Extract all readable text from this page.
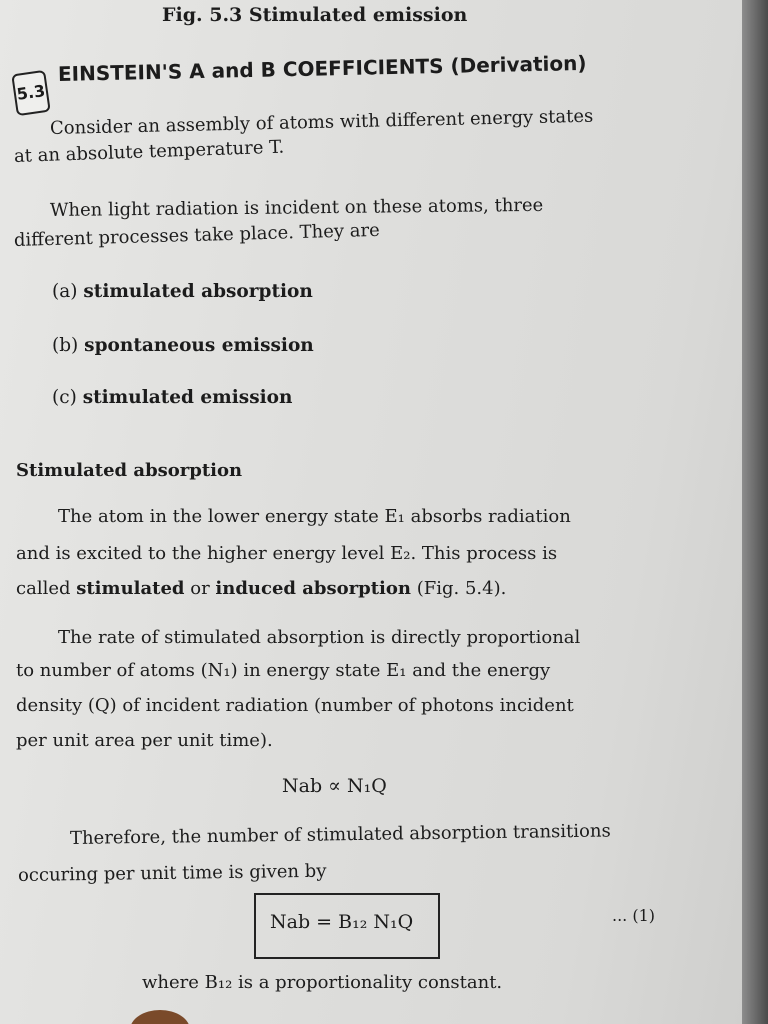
Fig. 5.3 Stimulated emission
5.3
EINSTEIN'S A and B COEFFICIENTS (Derivation)
Consider an assembly of atoms with different energy states
at an absolute temperature T.
When light radiation is incident on these atoms, three
different processes take place. They are
(a) stimulated absorption
(b) spontaneous emission
(c) stimulated emission
Stimulated absorption
The atom in the lower energy state E₁ absorbs radiation
and is excited to the higher energy level E₂. This process is
called stimulated or induced absorption (Fig. 5.4).
The rate of stimulated absorption is directly proportional
to number of atoms (N₁) in energy state E₁ and the energy
density (Q) of incident radiation (number of photons incident
per unit area per unit time).
Nab ∝ N₁Q
Therefore, the number of stimulated absorption transitions
occuring per unit time is given by
Nab = B₁₂ N₁Q	... (1)
where B₁₂ is a proportionality constant.
